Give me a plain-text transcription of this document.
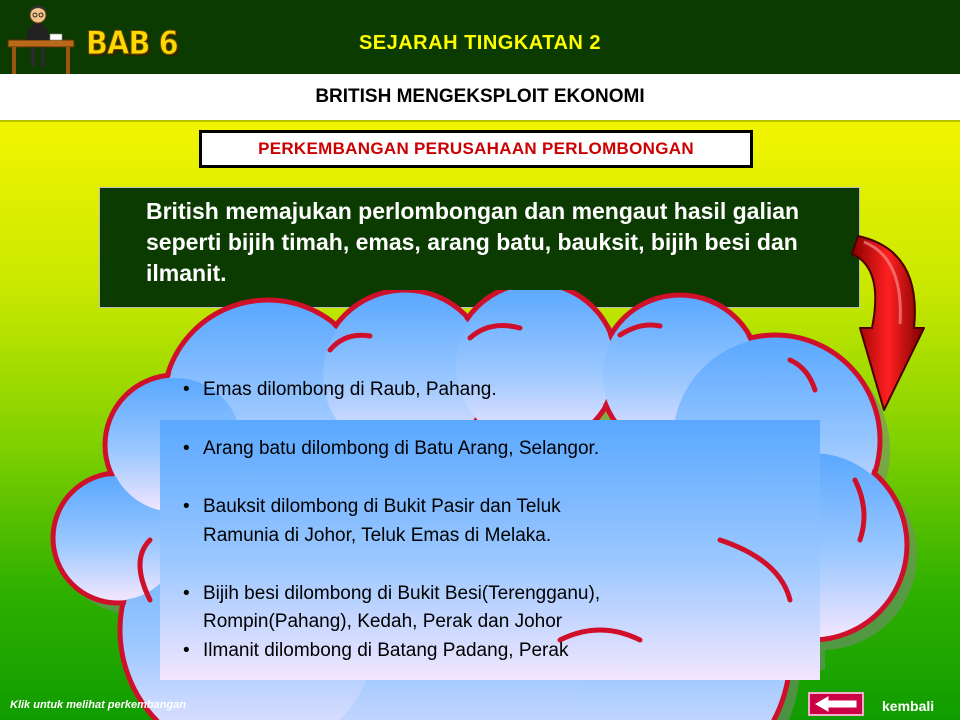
BAB 6	SEJARAH TINGKATAN 2
BRITISH MENGEKSPLOIT EKONOMI
PERKEMBANGAN PERUSAHAAN PERLOMBONGAN

British memajukan perlombongan dan mengaut hasil galian seperti bijih timah, emas, arang batu, bauksit, bijih besi dan ilmanit.

• Emas dilombong di Raub, Pahang.
• Arang batu dilombong di Batu Arang, Selangor.
• Bauksit dilombong di Bukit Pasir dan Teluk
Ramunia di Johor, Teluk Emas di Melaka.
• Bijih besi dilombong di Bukit Besi(Terengganu),
Rompin(Pahang), Kedah, Perak dan Johor
• Ilmanit dilombong di Batang Padang, Perak
Klik untuk melihat perkembangan	kembali
